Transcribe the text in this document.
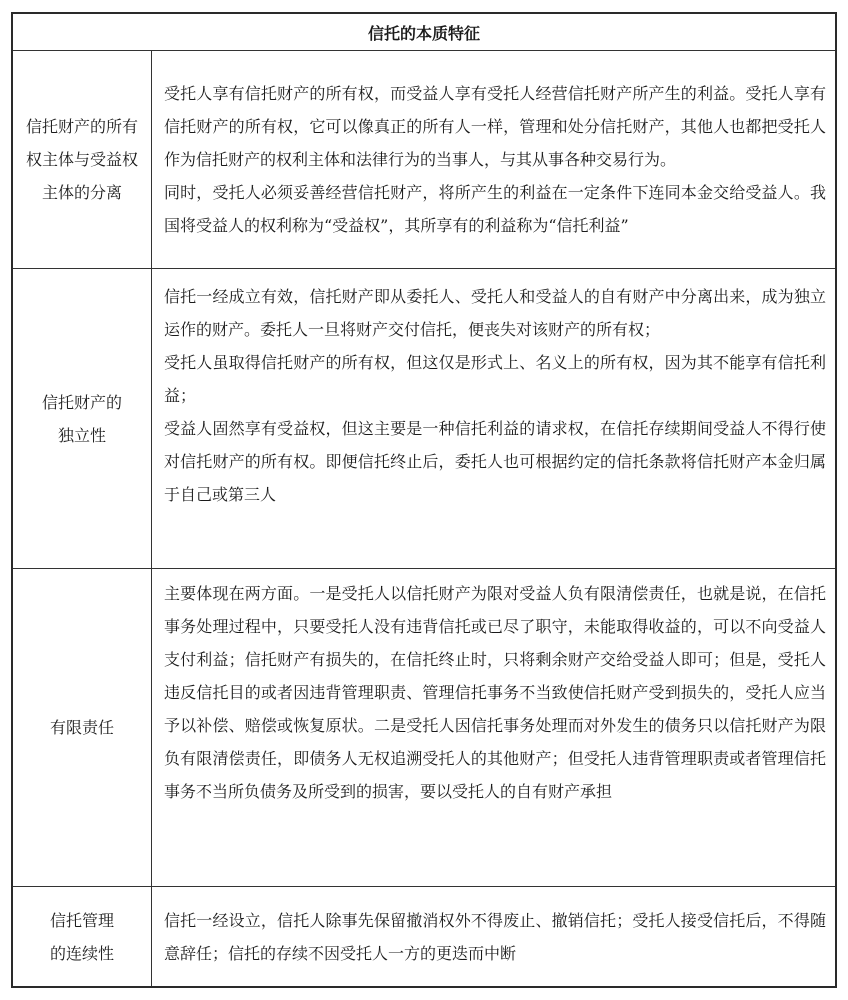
信托的本质特征
信托财产的所有
权主体与受益权
主体的分离

受托人享有信托财产的所有权，而受益人享有受托人经营信托财产所产生的利益。受托人享有信托财产的所有权，它可以像真正的所有人一样，管理和处分信托财产，其他人也都把受托人作为信托财产的权利主体和法律行为的当事人，与其从事各种交易行为。

同时，受托人必须妥善经营信托财产，将所产生的利益在一定条件下连同本金交给受益人。我国将受益人的权利称为“受益权”，其所享有的利益称为“信托利益”

信托财产的
独立性

信托一经成立有效，信托财产即从委托人、受托人和受益人的自有财产中分离出来，成为独立运作的财产。委托人一旦将财产交付信托，便丧失对该财产的所有权；

受托人虽取得信托财产的所有权，但这仅是形式上、名义上的所有权，因为其不能享有信托利益；

受益人固然享有受益权，但这主要是一种信托利益的请求权，在信托存续期间受益人不得行使对信托财产的所有权。即便信托终止后，委托人也可根据约定的信托条款将信托财产本金归属于自己或第三人

有限责任

主要体现在两方面。一是受托人以信托财产为限对受益人负有限清偿责任，也就是说，在信托事务处理过程中，只要受托人没有违背信托或已尽了职守，未能取得收益的，可以不向受益人支付利益；信托财产有损失的，在信托终止时，只将剩余财产交给受益人即可；但是，受托人违反信托目的或者因违背管理职责、管理信托事务不当致使信托财产受到损失的，受托人应当予以补偿、赔偿或恢复原状。二是受托人因信托事务处理而对外发生的债务只以信托财产为限负有限清偿责任，即债务人无权追溯受托人的其他财产；但受托人违背管理职责或者管理信托事务不当所负债务及所受到的损害，要以受托人的自有财产承担

信托管理
的连续性

信托一经设立，信托人除事先保留撤消权外不得废止、撤销信托；受托人接受信托后，不得随意辞任；信托的存续不因受托人一方的更迭而中断
